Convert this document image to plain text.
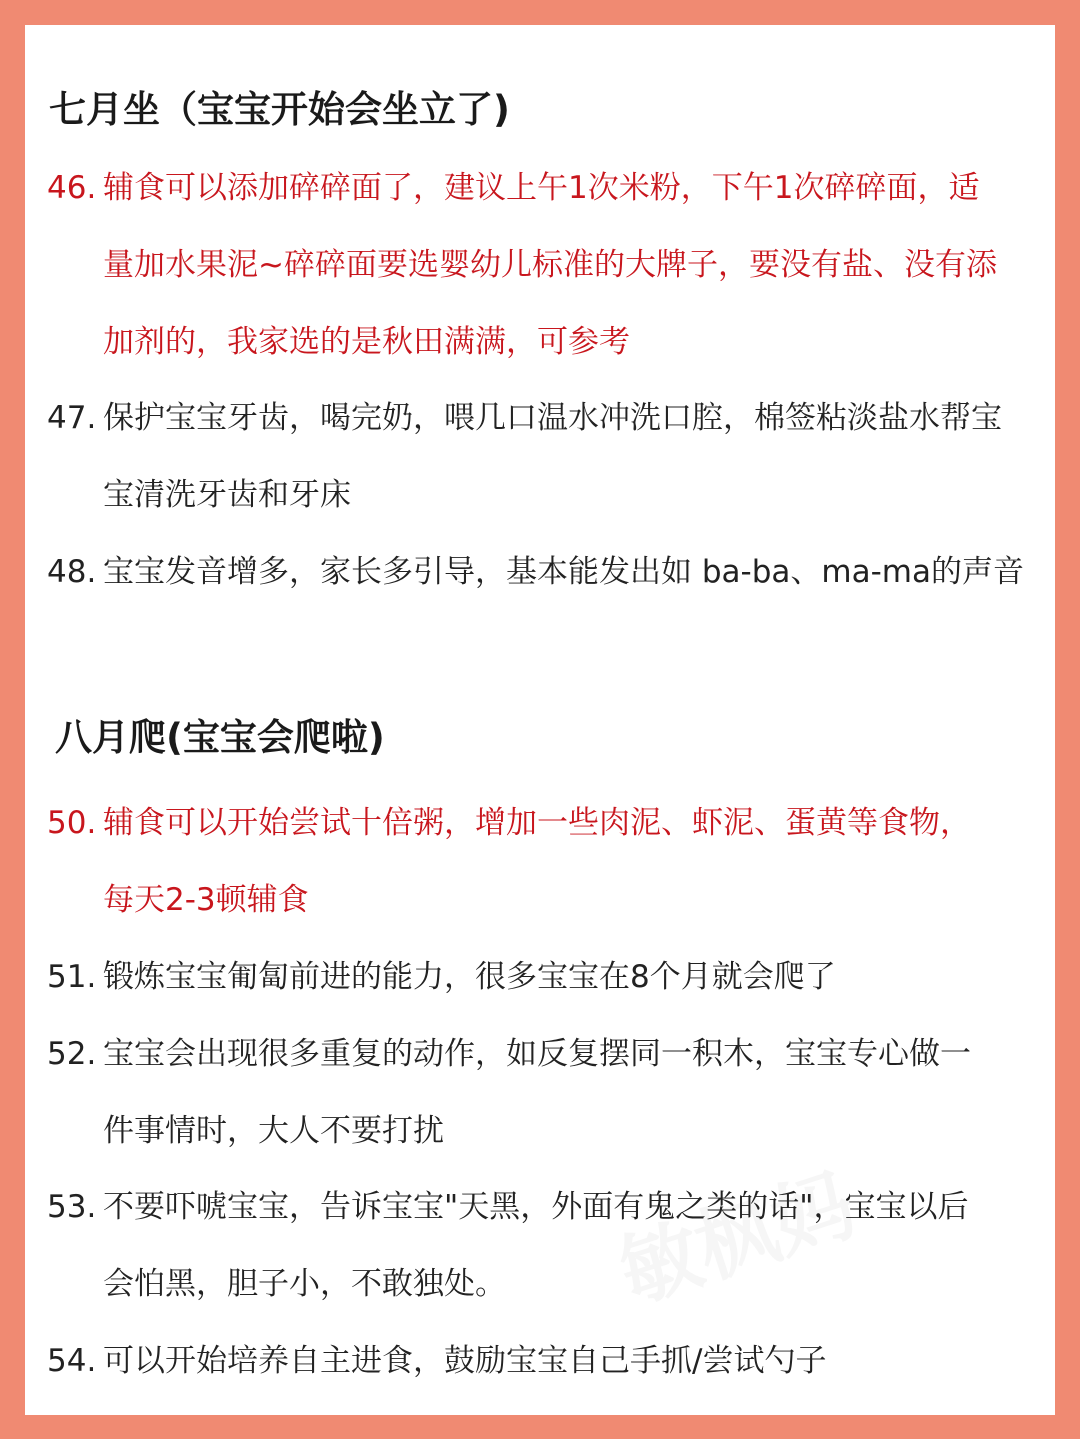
七月坐（宝宝开始会坐立了)
46. 辅食可以添加碎碎面了，建议上午1次米粉，下午1次碎碎面，适
量加水果泥~碎碎面要选婴幼儿标准的大牌子，要没有盐、没有添
加剂的，我家选的是秋田满满，可参考
47. 保护宝宝牙齿，喝完奶，喂几口温水冲洗口腔，棉签粘淡盐水帮宝
宝清洗牙齿和牙床
48. 宝宝发音增多，家长多引导，基本能发出如 ba-ba、ma-ma的声音
八月爬(宝宝会爬啦)
50. 辅食可以开始尝试十倍粥，增加一些肉泥、虾泥、蛋黄等食物，
每天2-3顿辅食
51. 锻炼宝宝匍匐前进的能力，很多宝宝在8个月就会爬了
52. 宝宝会出现很多重复的动作，如反复摆同一积木，宝宝专心做一
件事情时，大人不要打扰
53. 不要吓唬宝宝，告诉宝宝"天黑，外面有鬼之类的话"，宝宝以后
会怕黑，胆子小，不敢独处。
54. 可以开始培养自主进食，鼓励宝宝自己手抓/尝试勺子
